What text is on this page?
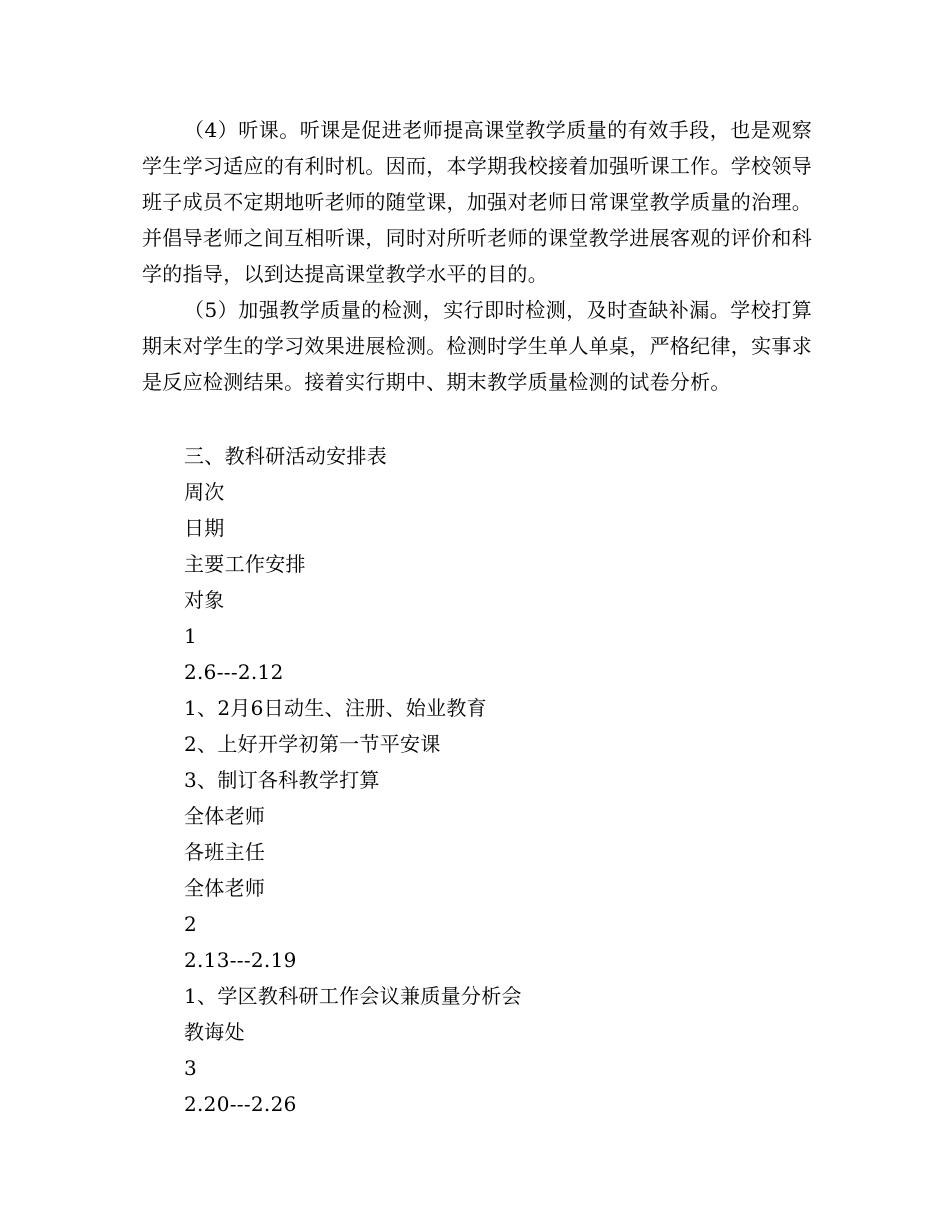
（4）听课。听课是促进老师提高课堂教学质量的有效手段，也是观察学生学习适应的有利时机。因而，本学期我校接着加强听课工作。学校领导班子成员不定期地听老师的随堂课，加强对老师日常课堂教学质量的治理。并倡导老师之间互相听课，同时对所听老师的课堂教学进展客观的评价和科学的指导，以到达提高课堂教学水平的目的。

（5）加强教学质量的检测，实行即时检测，及时查缺补漏。学校打算期末对学生的学习效果进展检测。检测时学生单人单桌，严格纪律，实事求是反应检测结果。接着实行期中、期末教学质量检测的试卷分析。

三、教科研活动安排表
周次
日期
主要工作安排
对象
1
2.6---2.12
1、2月6日动生、注册、始业教育
2、上好开学初第一节平安课
3、制订各科教学打算
全体老师
各班主任
全体老师
2
2.13---2.19
1、学区教科研工作会议兼质量分析会
教诲处
3
2.20---2.26
